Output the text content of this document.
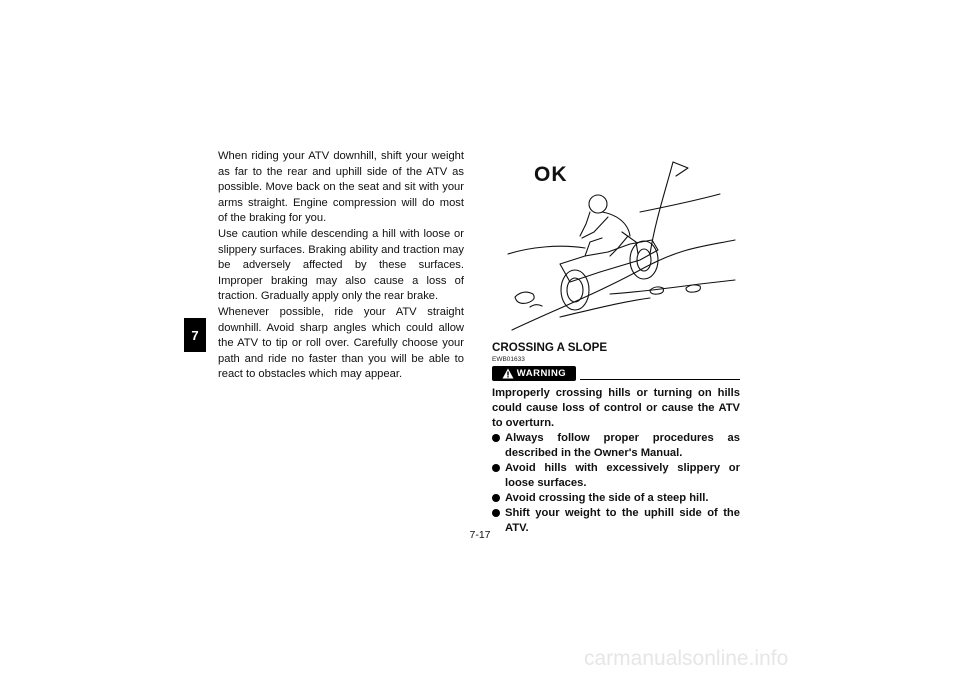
7

When riding your ATV downhill, shift your weight as far to the rear and uphill side of the ATV as possible. Move back on the seat and sit with your arms straight. Engine compression will do most of the braking for you.

Use caution while descending a hill with loose or slippery surfaces. Braking ability and traction may be adversely affected by these surfaces. Improper braking may also cause a loss of traction. Gradually apply only the rear brake.

Whenever possible, ride your ATV straight downhill. Avoid sharp angles which could allow the ATV to tip or roll over. Carefully choose your path and ride no faster than you will be able to react to obstacles which may appear.

OK
CROSSING A SLOPE

EWB01633

WARNING

Improperly crossing hills or turning on hills could cause loss of control or cause the ATV to overturn.

Always follow proper procedures as described in the Owner's Manual.
Avoid hills with excessively slippery or loose surfaces.
Avoid crossing the side of a steep hill.
Shift your weight to the uphill side of the ATV.
7-17
carmanualsonline.info
